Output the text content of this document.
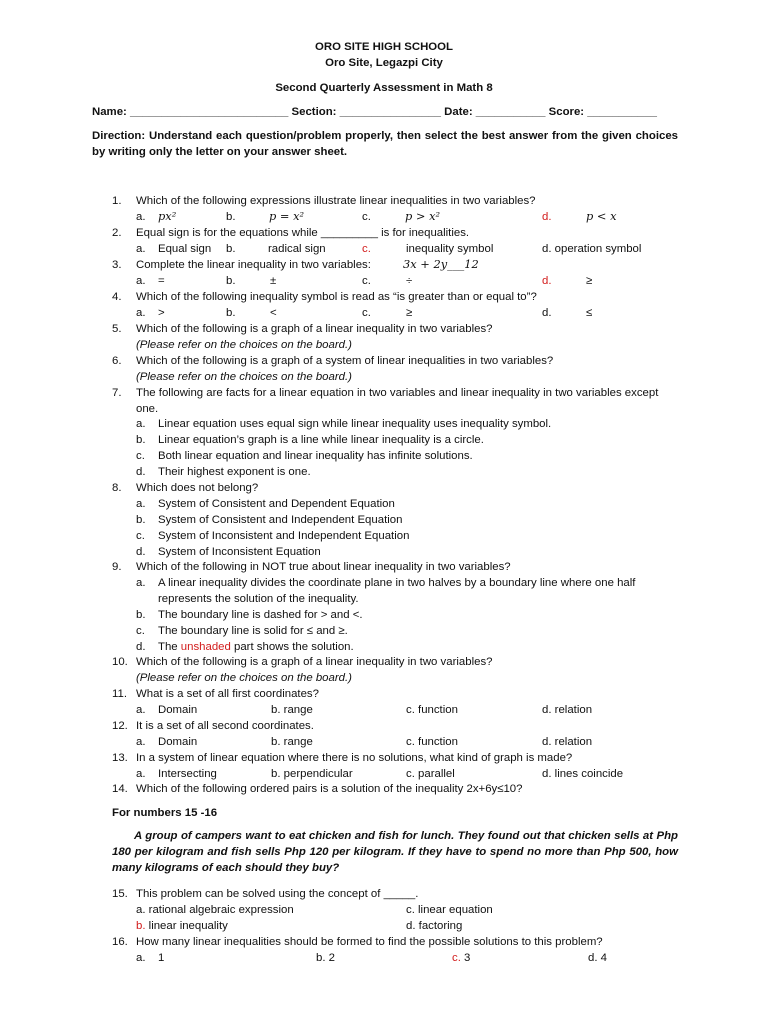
ORO SITE HIGH SCHOOL
Oro Site, Legazpi City
Second Quarterly Assessment in Math 8
Name: _________________________ Section: ________________ Date: ___________ Score: ___________
Direction: Understand each question/problem properly, then select the best answer from the given choices by writing only the letter on your answer sheet.
1. Which of the following expressions illustrate linear inequalities in two variables?
a. px²	b.	p = x²	c.	p > x²	d.	p < x
2. Equal sign is for the equations while _________ is for inequalities.
a. Equal sign b.	radical sign	c.	inequality symbol	d. operation symbol
3. Complete the linear inequality in two variables:	3x + 2y___12
a. =	b.	±	c.	÷	d.	≥
4. Which of the following inequality symbol is read as “is greater than or equal to”?
a. >	b.	<	c.	≥	d.	≤
5. Which of the following is a graph of a linear inequality in two variables?
(Please refer on the choices on the board.)
6. Which of the following is a graph of a system of linear inequalities in two variables?
(Please refer on the choices on the board.)
7. The following are facts for a linear equation in two variables and linear inequality in two variables except one.
a. Linear equation uses equal sign while linear inequality uses inequality symbol.
b. Linear equation’s graph is a line while linear inequality is a circle.
c. Both linear equation and linear inequality has infinite solutions.
d. Their highest exponent is one.
8. Which does not belong?
a. System of Consistent and Dependent Equation
b. System of Consistent and Independent Equation
c. System of Inconsistent and Independent Equation
d. System of Inconsistent Equation
9. Which of the following in NOT true about linear inequality in two variables?
a. A linear inequality divides the coordinate plane in two halves by a boundary line where one half represents the solution of the inequality.
b. The boundary line is dashed for > and <.
c. The boundary line is solid for ≤ and ≥.
d. The unshaded part shows the solution.
10. Which of the following is a graph of a linear inequality in two variables?
(Please refer on the choices on the board.)
11. What is a set of all first coordinates?
a. Domain	b. range	c. function	d. relation
12. It is a set of all second coordinates.
a. Domain	b. range	c. function	d. relation
13. In a system of linear equation where there is no solutions, what kind of graph is made?
a. Intersecting	b. perpendicular	c. parallel	d. lines coincide
14. Which of the following ordered pairs is a solution of the inequality 2x+6y≤10?
For numbers 15 -16
A group of campers want to eat chicken and fish for lunch. They found out that chicken sells at Php 180 per kilogram and fish sells Php 120 per kilogram. If they have to spend no more than Php 500, how many kilograms of each should they buy?
15. This problem can be solved using the concept of _____.
a. rational algebraic expression	c. linear equation
b. linear inequality	d. factoring
16. How many linear inequalities should be formed to find the possible solutions to this problem?
a. 1	b. 2	c. 3	d. 4
